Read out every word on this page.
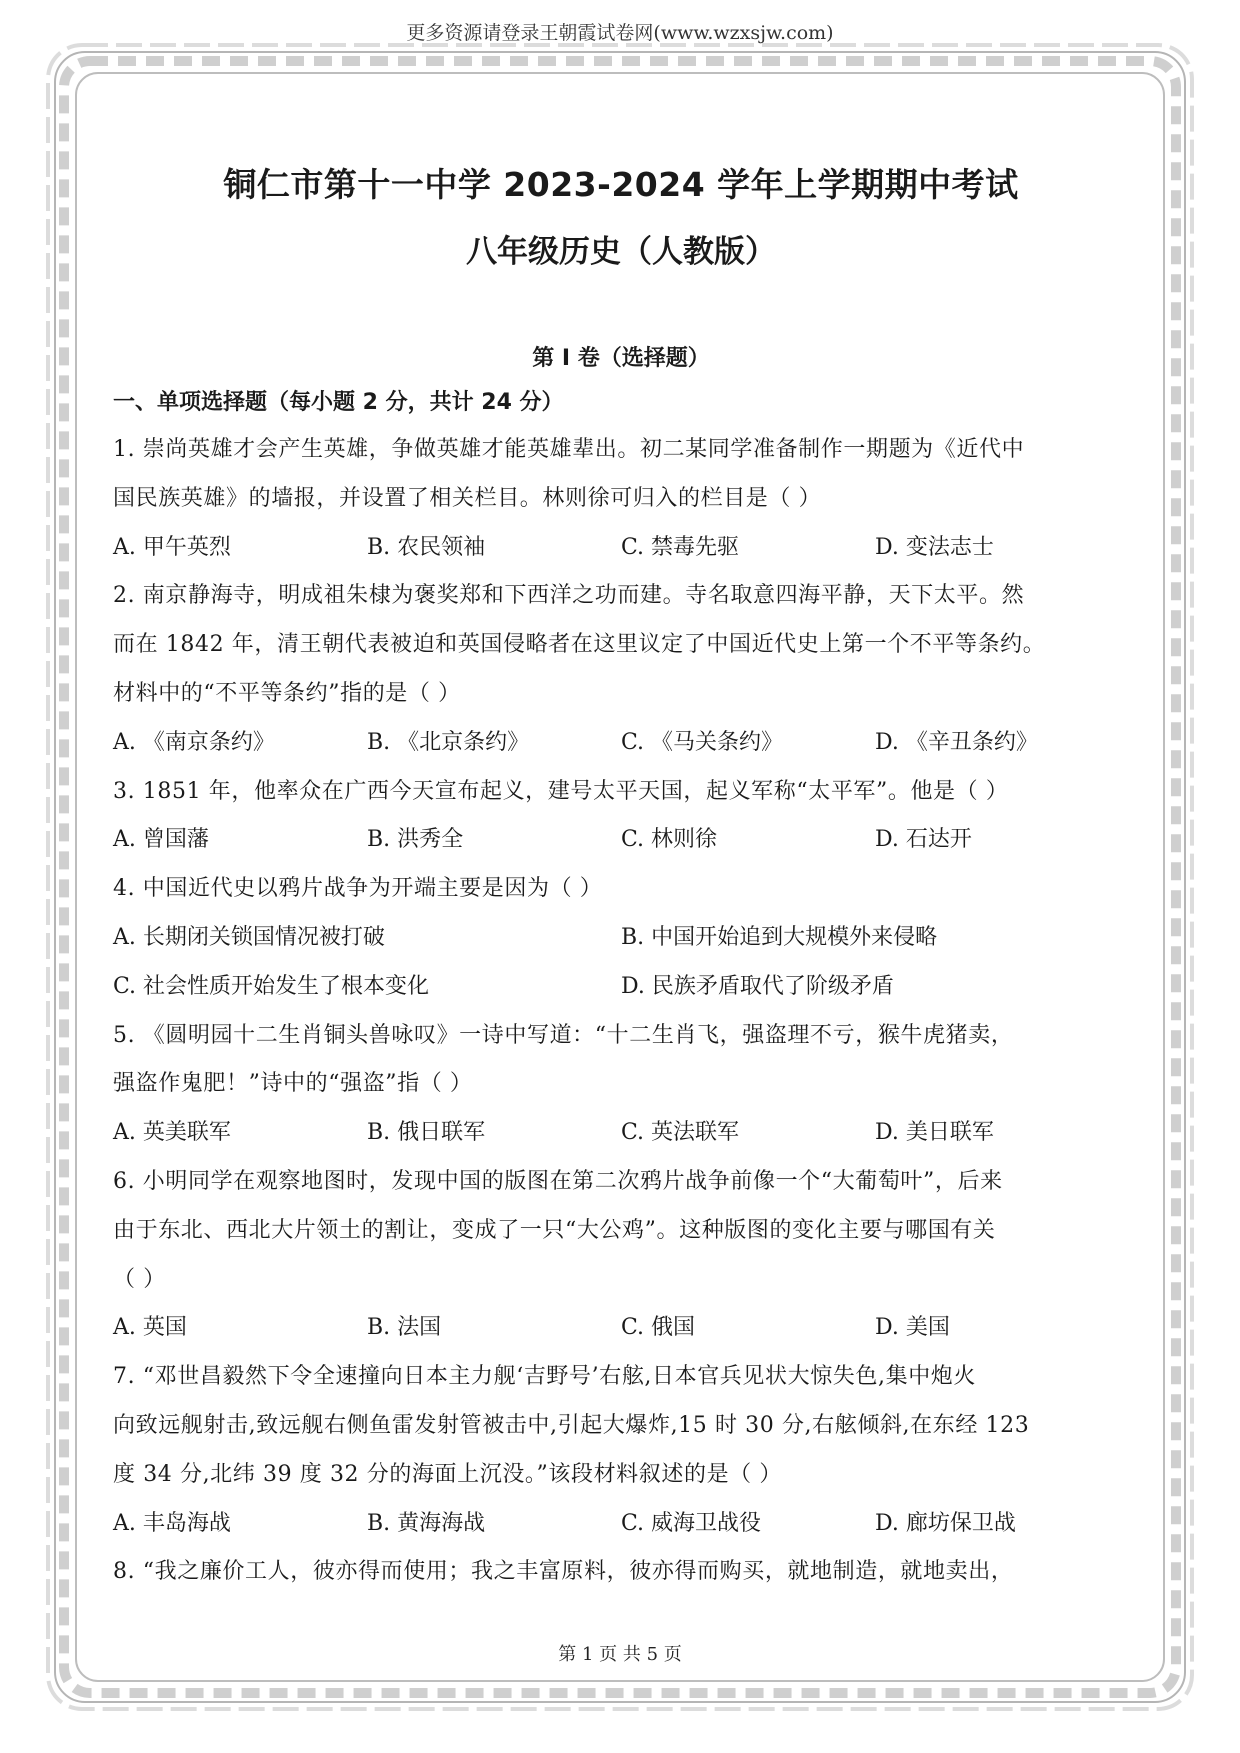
更多资源请登录王朝霞试卷网(www.wzxsjw.com)
铜仁市第十一中学 2023-2024 学年上学期期中考试
八年级历史（人教版）
第 I 卷（选择题）
一、单项选择题（每小题 2 分，共计 24 分）
1. 崇尚英雄才会产生英雄，争做英雄才能英雄辈出。初二某同学准备制作一期题为《近代中
国民族英雄》的墙报，并设置了相关栏目。林则徐可归入的栏目是（ ）
A. 甲午英烈	B. 农民领袖	C. 禁毒先驱	D. 变法志士
2. 南京静海寺，明成祖朱棣为褒奖郑和下西洋之功而建。寺名取意四海平静，天下太平。然
而在 1842 年，清王朝代表被迫和英国侵略者在这里议定了中国近代史上第一个不平等条约。
材料中的“不平等条约”指的是（ ）
A. 《南京条约》	B. 《北京条约》	C. 《马关条约》	D. 《辛丑条约》
3. 1851 年，他率众在广西今天宣布起义，建号太平天国，起义军称“太平军”。他是（ ）
A. 曾国藩	B. 洪秀全	C. 林则徐	D. 石达开
4. 中国近代史以鸦片战争为开端主要是因为（ ）
A. 长期闭关锁国情况被打破	B. 中国开始追到大规模外来侵略
C. 社会性质开始发生了根本变化	D. 民族矛盾取代了阶级矛盾
5. 《圆明园十二生肖铜头兽咏叹》一诗中写道：“十二生肖飞，强盗理不亏，猴牛虎猪卖，
强盗作鬼肥！”诗中的“强盗”指（ ）
A. 英美联军	B. 俄日联军	C. 英法联军	D. 美日联军
6. 小明同学在观察地图时，发现中国的版图在第二次鸦片战争前像一个“大葡萄叶”，后来
由于东北、西北大片领土的割让，变成了一只“大公鸡”。这种版图的变化主要与哪国有关
（ ）
A. 英国	B. 法国	C. 俄国	D. 美国
7. “邓世昌毅然下令全速撞向日本主力舰‘吉野号’右舷,日本官兵见状大惊失色,集中炮火
向致远舰射击,致远舰右侧鱼雷发射管被击中,引起大爆炸,15 时 30 分,右舷倾斜,在东经 123
度 34 分,北纬 39 度 32 分的海面上沉没。”该段材料叙述的是（ ）
A. 丰岛海战	B. 黄海海战	C. 威海卫战役	D. 廊坊保卫战
8. “我之廉价工人，彼亦得而使用；我之丰富原料，彼亦得而购买，就地制造，就地卖出，
第 1 页 共 5 页
